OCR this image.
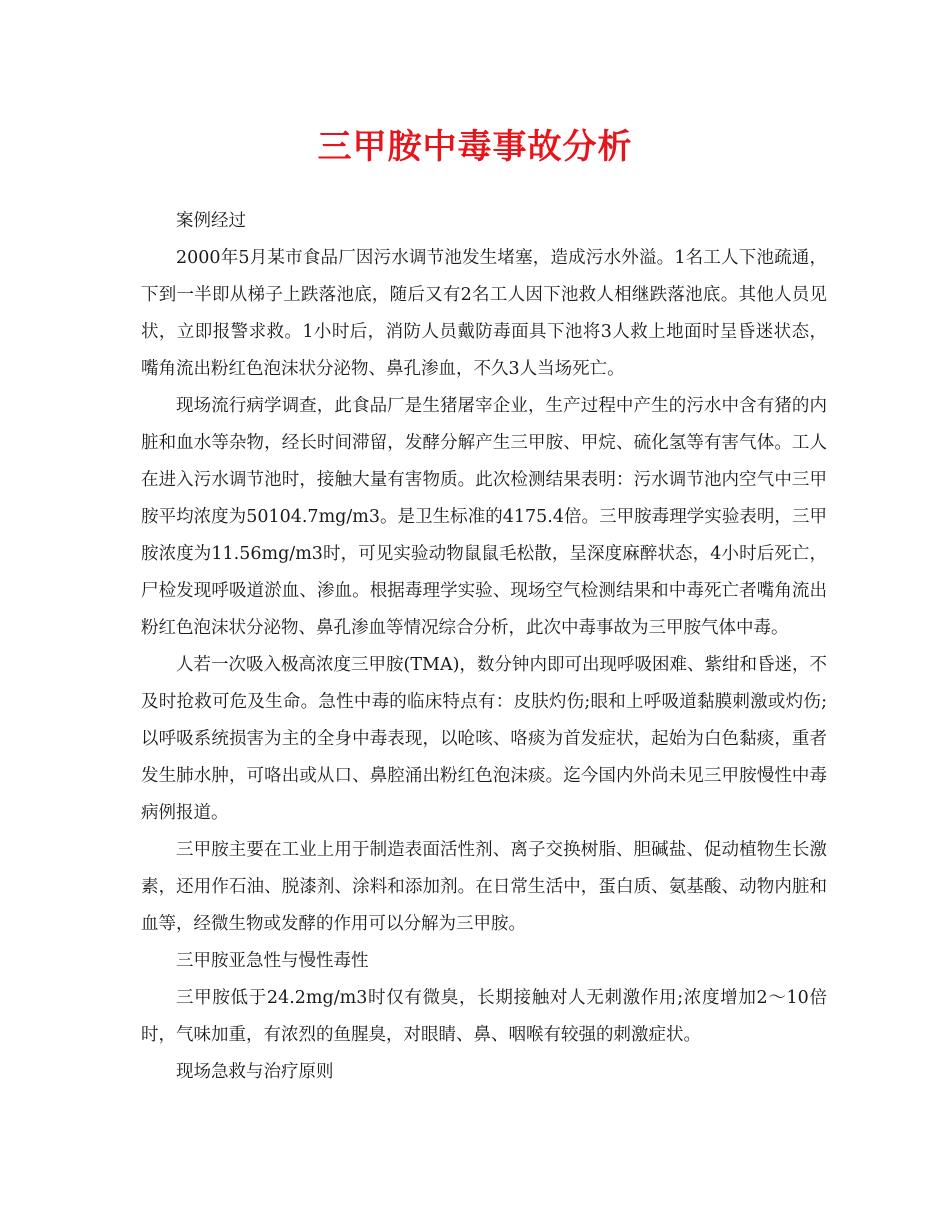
三甲胺中毒事故分析

案例经过

2000年5月某市食品厂因污水调节池发生堵塞，造成污水外溢。1名工人下池疏通，下到一半即从梯子上跌落池底，随后又有2名工人因下池救人相继跌落池底。其他人员见状，立即报警求救。1小时后，消防人员戴防毒面具下池将3人救上地面时呈昏迷状态，嘴角流出粉红色泡沫状分泌物、鼻孔渗血，不久3人当场死亡。

现场流行病学调查，此食品厂是生猪屠宰企业，生产过程中产生的污水中含有猪的内脏和血水等杂物，经长时间滞留，发酵分解产生三甲胺、甲烷、硫化氢等有害气体。工人在进入污水调节池时，接触大量有害物质。此次检测结果表明：污水调节池内空气中三甲胺平均浓度为50104.7mg/m3。是卫生标准的4175.4倍。三甲胺毒理学实验表明，三甲胺浓度为11.56mg/m3时，可见实验动物鼠鼠毛松散，呈深度麻醉状态，4小时后死亡，尸检发现呼吸道淤血、渗血。根据毒理学实验、现场空气检测结果和中毒死亡者嘴角流出粉红色泡沫状分泌物、鼻孔渗血等情况综合分析，此次中毒事故为三甲胺气体中毒。

人若一次吸入极高浓度三甲胺(TMA)，数分钟内即可出现呼吸困难、紫绀和昏迷，不及时抢救可危及生命。急性中毒的临床特点有：皮肤灼伤;眼和上呼吸道黏膜刺激或灼伤;以呼吸系统损害为主的全身中毒表现，以呛咳、咯痰为首发症状，起始为白色黏痰，重者发生肺水肿，可咯出或从口、鼻腔涌出粉红色泡沫痰。迄今国内外尚未见三甲胺慢性中毒病例报道。

三甲胺主要在工业上用于制造表面活性剂、离子交换树脂、胆碱盐、促动植物生长激素，还用作石油、脱漆剂、涂料和添加剂。在日常生活中，蛋白质、氨基酸、动物内脏和血等，经微生物或发酵的作用可以分解为三甲胺。

三甲胺亚急性与慢性毒性

三甲胺低于24.2mg/m3时仅有微臭，长期接触对人无刺激作用;浓度增加2～10倍时，气味加重，有浓烈的鱼腥臭，对眼睛、鼻、咽喉有较强的刺激症状。

现场急救与治疗原则
